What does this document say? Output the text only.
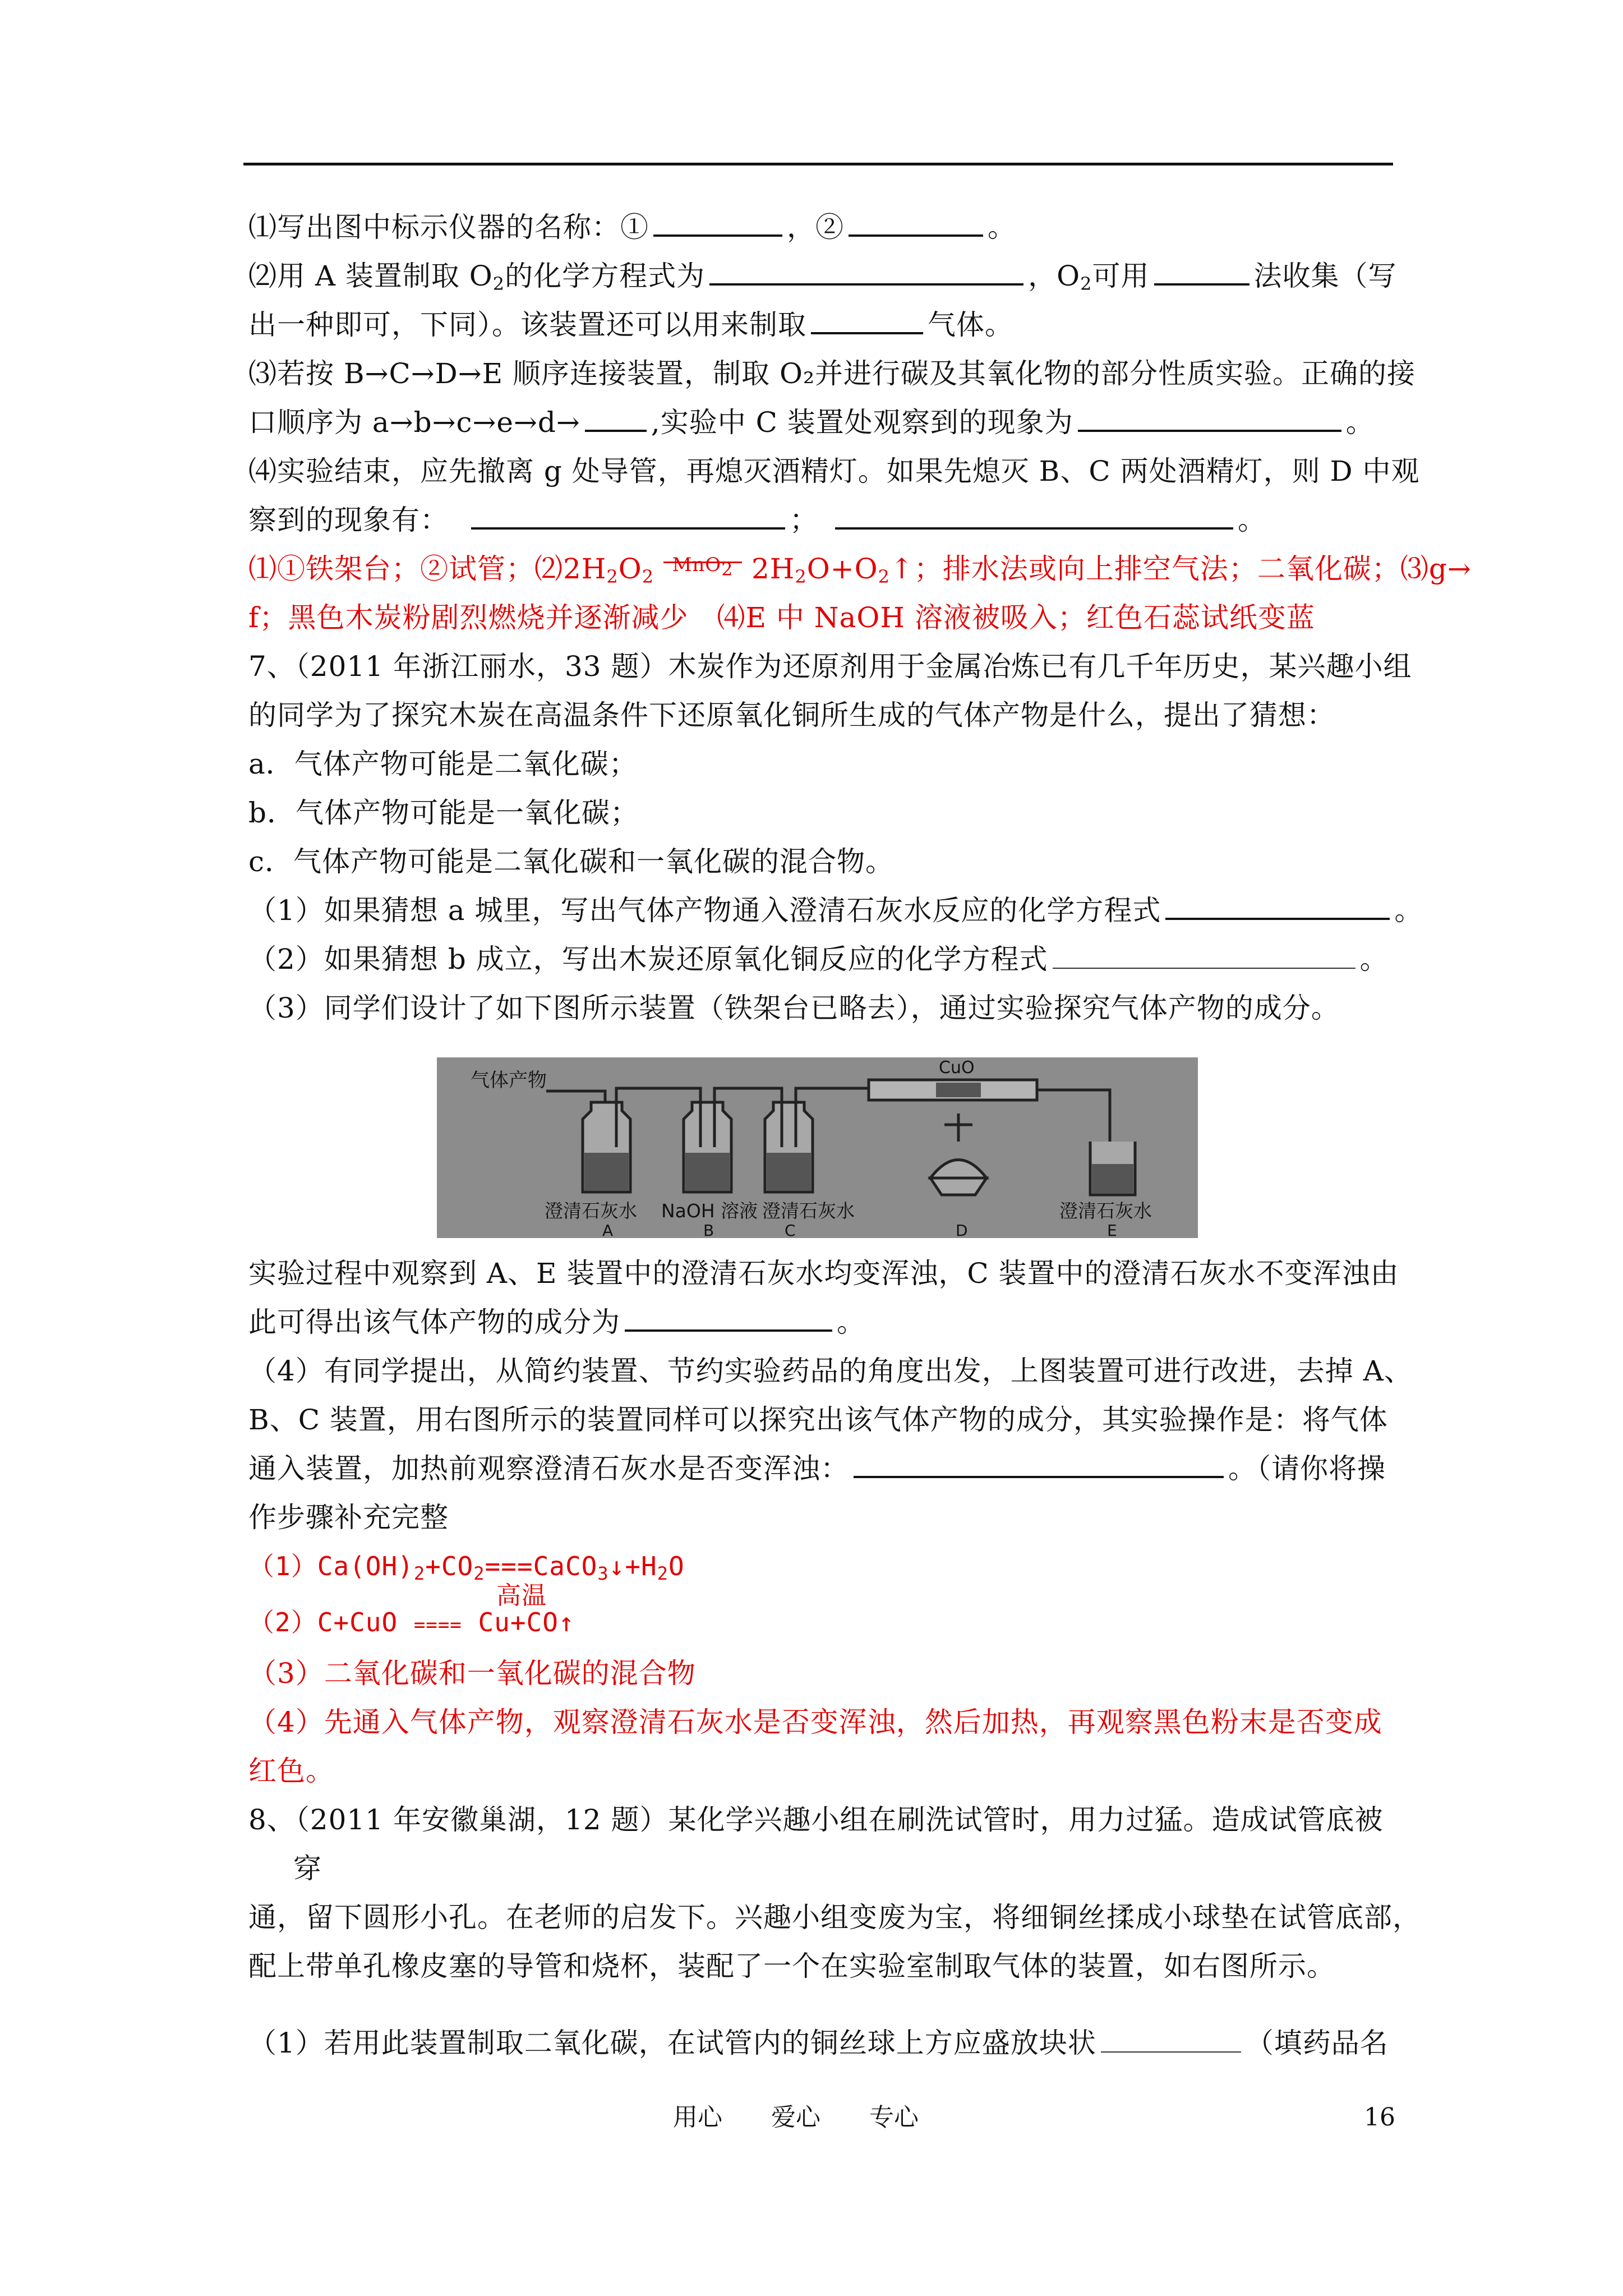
⑴写出图中标示仪器的名称：①	，②	。
⑵用 A 装置制取 $O_2$的化学方程式为	，$O_2$可用	法收集（写
出一种即可，下同）。该装置还可以用来制取	气体。
⑶若按 B→C→D→E 顺序连接装置，制取 O₂并进行碳及其氧化物的部分性质实验。正确的接
口顺序为 a→b→c→e→d→	,实验中 C 装置处观察到的现象为	。
⑷实验结束，应先撤离 g 处导管，再熄灭酒精灯。如果先熄灭 B、C 两处酒精灯，则 D 中观
察到的现象有：	；	。
⑴①铁架台；②试管；$⑵2H_2O_2$
MnO$_2$ $2H_2O+O_2↑$；排水法或向上排空气法；二氧化碳；⑶g→
f；黑色木炭粉剧烈燃烧并逐渐减少　⑷E 中 NaOH 溶液被吸入；红色石蕊试纸变蓝
7、（2011 年浙江丽水，33 题）木炭作为还原剂用于金属冶炼已有几千年历史，某兴趣小组
的同学为了探究木炭在高温条件下还原氧化铜所生成的气体产物是什么，提出了猜想：
a．气体产物可能是二氧化碳；
b．气体产物可能是一氧化碳；
c．气体产物可能是二氧化碳和一氧化碳的混合物。
（1）如果猜想 a 城里，写出气体产物通入澄清石灰水反应的化学方程式	。
（2）如果猜想 b 成立，写出木炭还原氧化铜反应的化学方程式	。
（3）同学们设计了如下图所示装置（铁架台已略去），通过实验探究气体产物的成分。
气体产物
CuO
澄清石灰水 NaOH 溶液 澄清石灰水	澄清石灰水
A	B	C	D	E
实验过程中观察到 A、E 装置中的澄清石灰水均变浑浊，C 装置中的澄清石灰水不变浑浊由
此可得出该气体产物的成分为	。
（4）有同学提出，从简约装置、节约实验药品的角度出发，上图装置可进行改进，去掉 A、
B、C 装置，用右图所示的装置同样可以探究出该气体产物的成分，其实验操作是：将气体
通入装置，加热前观察澄清石灰水是否变浑浊：	。（请你将操
作步骤补充完整
$(1)Ca(OH)_2+CO_2===CaCO_3↓+H_2O$
高温
（2）C+CuO ==== Cu+CO↑
（3）二氧化碳和一氧化碳的混合物
（4）先通入气体产物，观察澄清石灰水是否变浑浊，然后加热，再观察黑色粉末是否变成
红色。
8、（2011 年安徽巢湖，12 题）某化学兴趣小组在刷洗试管时，用力过猛。造成试管底被
穿
通，留下圆形小孔。在老师的启发下。兴趣小组变废为宝，将细铜丝揉成小球垫在试管底部，
配上带单孔橡皮塞的导管和烧杯，装配了一个在实验室制取气体的装置，如右图所示。
（1）若用此装置制取二氧化碳，在试管内的铜丝球上方应盛放块状	（填药品名
用心 爱心 专心	16
